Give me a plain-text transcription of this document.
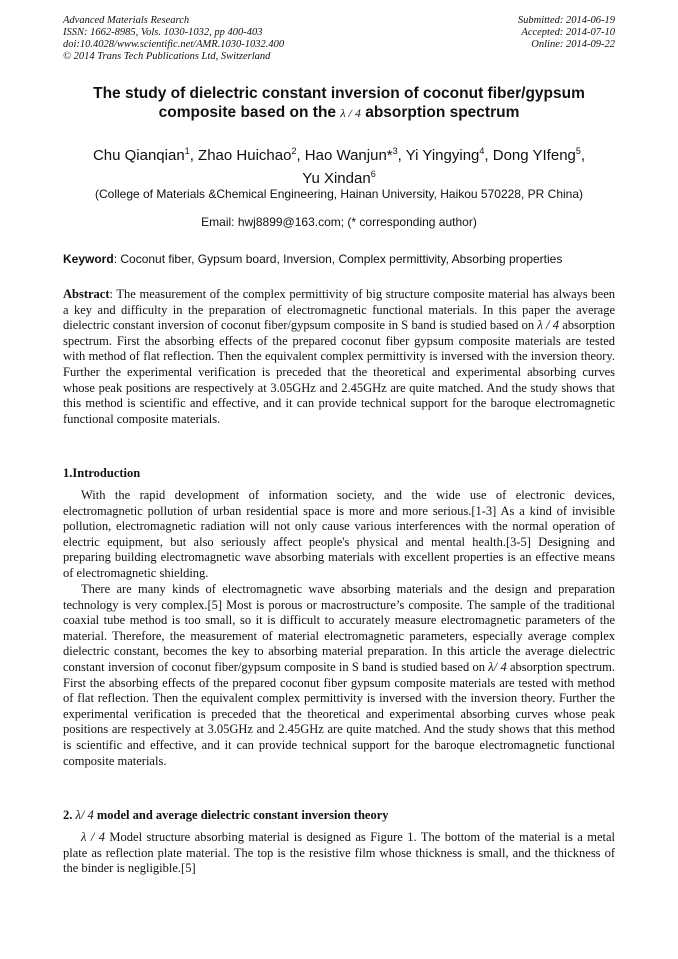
Advanced Materials Research
ISSN: 1662-8985, Vols. 1030-1032, pp 400-403
doi:10.4028/www.scientific.net/AMR.1030-1032.400
© 2014 Trans Tech Publications Ltd, Switzerland
Submitted: 2014-06-19
Accepted: 2014-07-10
Online: 2014-09-22
The study of dielectric constant inversion of coconut fiber/gypsum
composite based on the λ / 4 absorption spectrum
Chu Qianqian$^1$, Zhao Huichao$^2$, Hao Wanjun*$^3$, Yi Yingying$^4$, Dong YIfeng$^5$,
Yu Xindan$^6$
(College of Materials &Chemical Engineering, Hainan University, Haikou 570228, PR China)
Email: hwj8899@163.com; (* corresponding author)
Keyword: Coconut fiber, Gypsum board, Inversion, Complex permittivity, Absorbing properties
Abstract: The measurement of the complex permittivity of big structure composite material has always been a key and difficulty in the preparation of electromagnetic functional materials. In this paper the average dielectric constant inversion of coconut fiber/gypsum composite in S band is studied based on λ / 4 absorption spectrum. First the absorbing effects of the prepared coconut fiber gypsum composite materials are tested with method of flat reflection. Then the equivalent complex permittivity is inversed with the inversion theory. Further the experimental verification is preceded that the theoretical and experimental absorbing curves whose peak positions are respectively at 3.05GHz and 2.45GHz are quite matched. And the study shows that this method is scientific and effective, and it can provide technical support for the baroque electromagnetic functional composite materials.
1.Introduction
With the rapid development of information society, and the wide use of electronic devices, electromagnetic pollution of urban residential space is more and more serious.[1-3] As a kind of invisible pollution, electromagnetic radiation will not only cause various interferences with the normal operation of electric equipment, but also seriously affect people's physical and mental health.[3-5] Designing and preparing building electromagnetic wave absorbing materials with excellent properties is an effective means of electromagnetic shielding.
There are many kinds of electromagnetic wave absorbing materials and the design and preparation technology is very complex.[5] Most is porous or macrostructure’s composite. The sample of the traditional coaxial tube method is too small, so it is difficult to accurately measure electromagnetic parameters of the material. Therefore, the measurement of material electromagnetic parameters, especially average complex dielectric constant, becomes the key to absorbing material preparation. In this article the average dielectric constant inversion of coconut fiber/gypsum composite in S band is studied based on λ/ 4 absorption spectrum. First the absorbing effects of the prepared coconut fiber gypsum composite materials are tested with method of flat reflection. Then the equivalent complex permittivity is inversed with the inversion theory. Further the experimental verification is preceded that the theoretical and experimental absorbing curves whose peak positions are respectively at 3.05GHz and 2.45GHz are quite matched. And the study shows that this method is scientific and effective, and it can provide technical support for the baroque electromagnetic functional composite materials.
2. λ/ 4 model and average dielectric constant inversion theory
λ / 4 Model structure absorbing material is designed as Figure 1. The bottom of the material is a metal plate as reflection plate material. The top is the resistive film whose thickness is small, and the thickness of the binder is negligible.[5]
